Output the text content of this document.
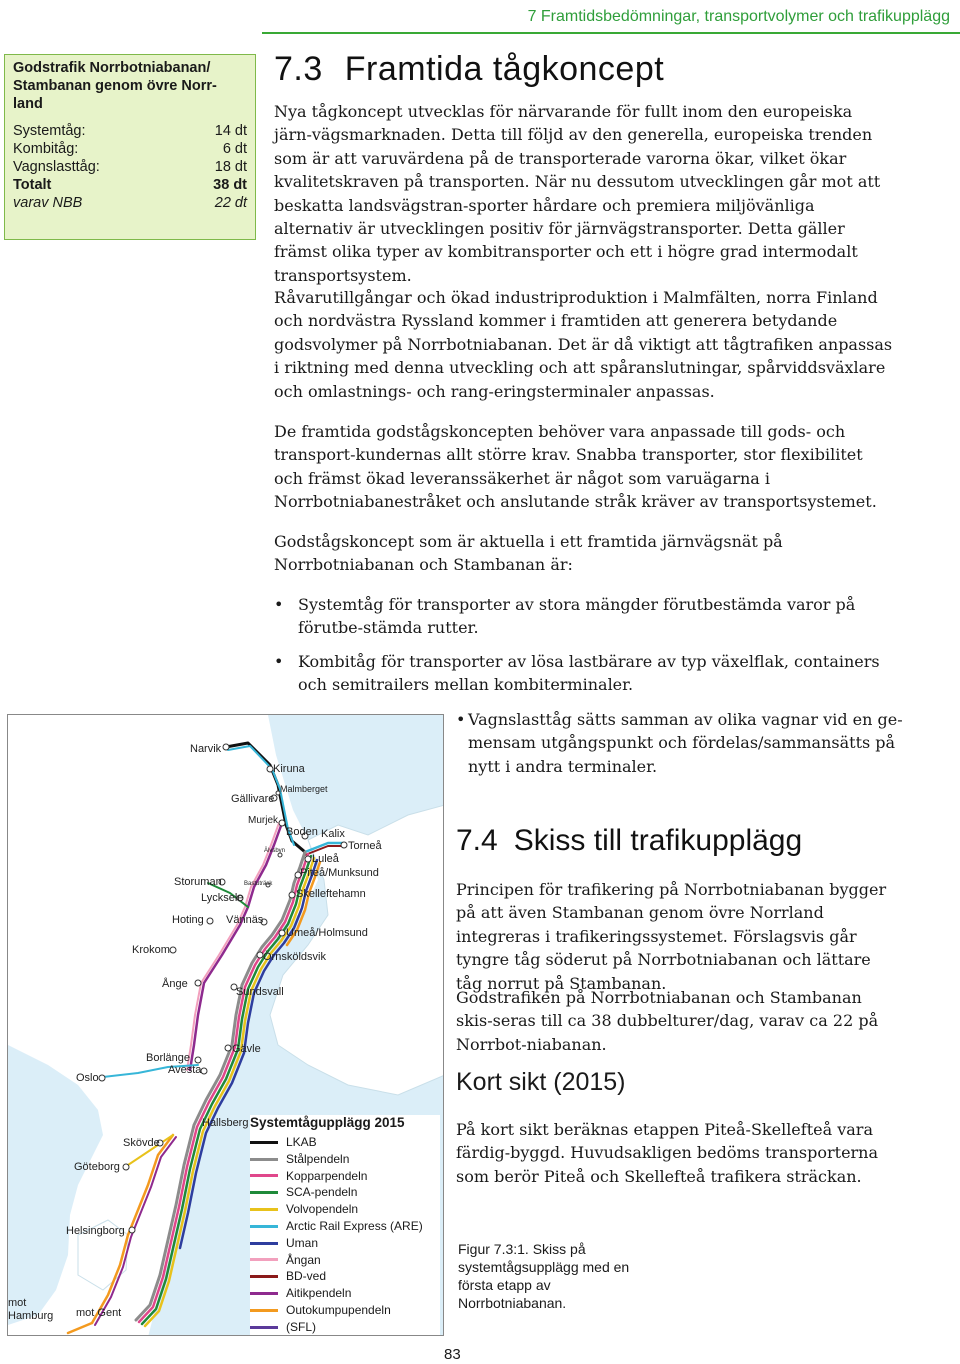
7 Framtidsbedömningar, transportvolymer och trafikupplägg
Godstrafik Norrbotniabanan/ Stambanan genom övre Norr-land
Systemtåg:	14 dt
Kombitåg:	6 dt
Vagnslasttåg:	18 dt
Totalt	38 dt
varav NBB	22 dt
7.3 Framtida tågkoncept

Nya tågkoncept utvecklas för närvarande för fullt inom den europeiska järn-vägsmarknaden. Detta till följd av den generella, europeiska trenden som är att varuvärdena på de transporterade varorna ökar, vilket ökar kvalitetskraven på transporten. När nu dessutom utvecklingen går mot att beskatta landsvägstran-sporter hårdare och premiera miljövänliga alternativ är utvecklingen positiv för järnvägstransporter. Detta gäller främst olika typer av kombitransporter och ett i högre grad intermodalt transportsystem.

Råvarutillgångar och ökad industriproduktion i Malmfälten, norra Finland och nordvästra Ryssland kommer i framtiden att generera betydande godsvolymer på Norrbotniabanan. Det är då viktigt att tågtrafiken anpassas i riktning med denna utveckling och att spåranslutningar, spårviddsväxlare och omlastnings- och rang-eringsterminaler anpassas.

De framtida godstågskoncepten behöver vara anpassade till gods- och transport-kundernas allt större krav. Snabba transporter, stor flexibilitet och främst ökad leveranssäkerhet är något som varuägarna i Norrbotniabanestråket och anslutande stråk kräver av transportsystemet.

Godstågskoncept som är aktuella i ett framtida järnvägsnät på Norrbotniabanan och Stambanan är:

• Systemtåg för transporter av stora mängder förutbestämda varor på förutbe-stämda rutter.
• Kombitåg för transporter av lösa lastbärare av typ växelflak, containers och semitrailers mellan kombiterminaler.
• Vagnslasttåg sätts samman av olika vagnar vid en ge-mensam utgångspunkt och fördelas/sammansätts på nytt i andra terminaler.
7.4 Skiss till trafikupplägg

Principen för trafikering på Norrbotniabanan bygger på att även Stambanan genom övre Norrland integreras i trafikeringssystemet. Förslagsvis går tyngre tåg söderut på Norrbotniabanan och lättare tåg norrut på Stambanan.

Godstrafiken på Norrbotniabanan och Stambanan skis-seras till ca 38 dubbelturer/dag, varav ca 22 på Norrbot-niabanan.

Kort sikt (2015)

På kort sikt beräknas etappen Piteå-Skellefteå vara färdig-byggd. Huvudsakligen bedöms transporterna som berör Piteå och Skellefteå trafikera sträckan.

Figur 7.3:1. Skiss på systemtågsupplägg med en första etapp av Norrbotniabanan.
83
Narvik
Kiruna
Malmberget
Gällivare
Murjek
Boden Kalix
Torneå
Luleå
Älvsbyn
Piteå/Munksund
Storuman	Bastuträsk
Lycksele	Skelleftehamn
Hoting Vännäs
Umeå/Holmsund
Krokom
Örnsköldsvik
Ånge
Sundsvall
Gävle
Borlänge
Avesta
Oslo
Hallsberg
Skövde
Göteborg
Helsingborg
mot Hamburg	mot Gent
Systemtågupplägg 2015
LKAB
Stålpendeln
Kopparpendeln
SCA-pendeln
Volvopendeln
Arctic Rail Express (ARE)
Uman
Ångan
BD-ved
Aitikpendeln
Outokumpupendeln
(SFL)
